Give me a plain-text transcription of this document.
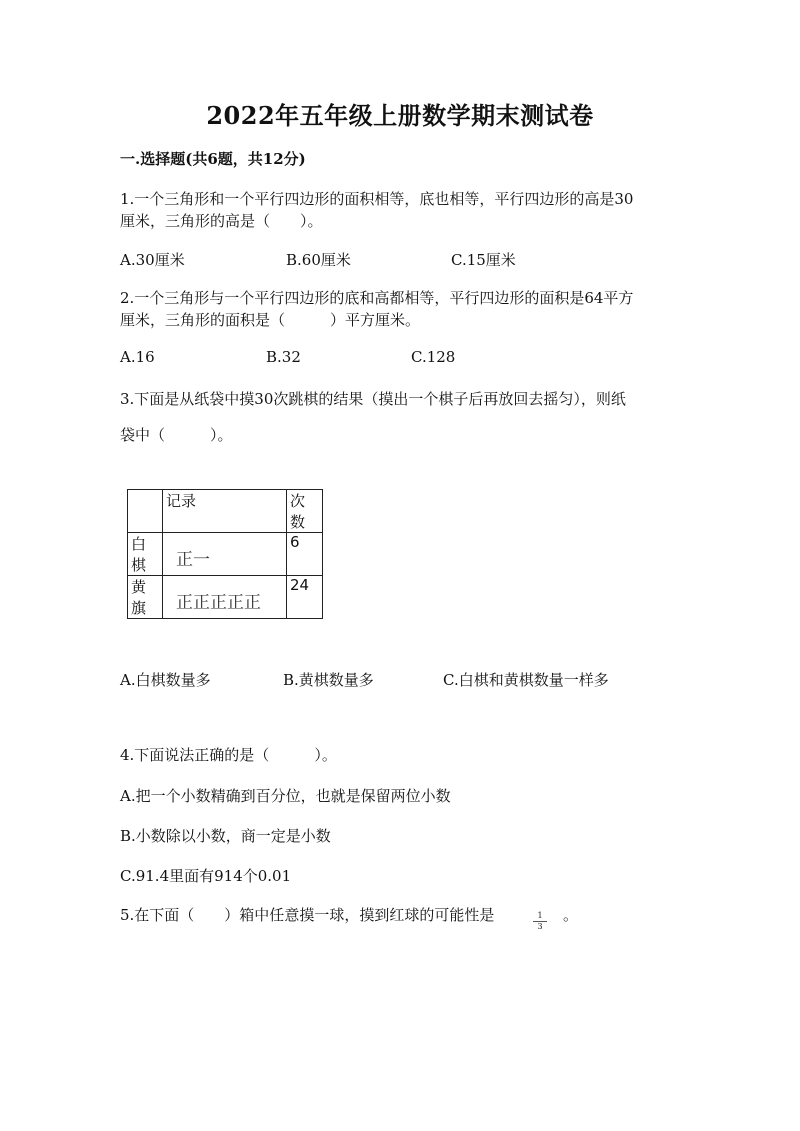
2022年五年级上册数学期末测试卷
一.选择题(共6题，共12分)
1.一个三角形和一个平行四边形的面积相等，底也相等，平行四边形的高是30
厘米，三角形的高是（　　）。
A.30厘米	B.60厘米	C.15厘米
2.一个三角形与一个平行四边形的底和高都相等，平行四边形的面积是64平方
厘米，三角形的面积是（　　　）平方厘米。
A.16	B.32	C.128
3.下面是从纸袋中摸30次跳棋的结果（摸出一个棋子后再放回去摇匀），则纸
袋中（　　　）。
	记录	次数
白棋	正一	6
黄旗	正正正正正	24
A.白棋数量多	B.黄棋数量多	C.白棋和黄棋数量一样多
4.下面说法正确的是（　　　）。
A.把一个小数精确到百分位，也就是保留两位小数
B.小数除以小数，商一定是小数
C.91.4里面有914个0.01
5.在下面（　　）箱中任意摸一球，摸到红球的可能性是	$\frac{1}{3}$ 。
